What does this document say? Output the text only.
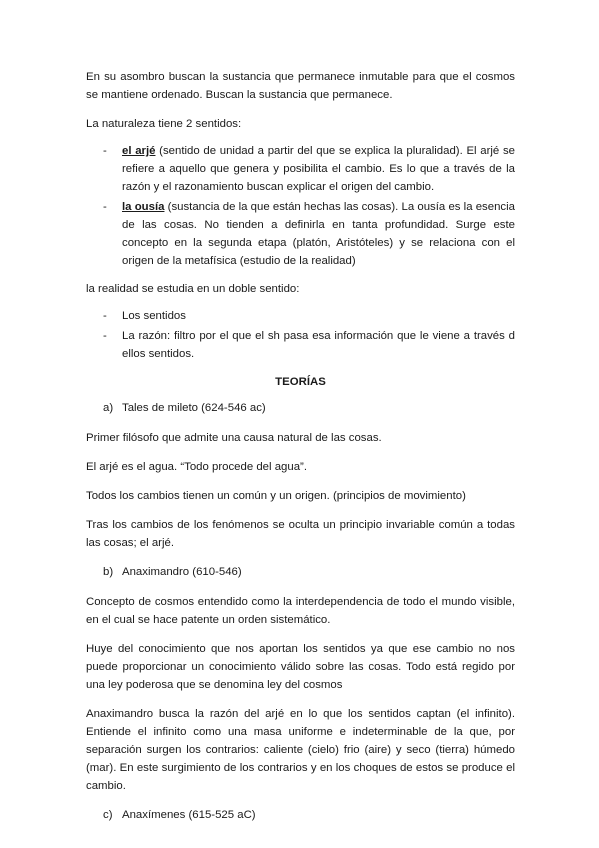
En su asombro buscan la sustancia que permanece inmutable para que el cosmos se mantiene ordenado. Buscan la sustancia que permanece.

La naturaleza tiene 2 sentidos:

- el arjé (sentido de unidad a partir del que se explica la pluralidad). El arjé se refiere a aquello que genera y posibilita el cambio. Es lo que a través de la razón y el razonamiento buscan explicar el origen del cambio.
- la ousía (sustancia de la que están hechas las cosas). La ousía es la esencia de las cosas. No tienden a definirla en tanta profundidad. Surge este concepto en la segunda etapa (platón, Aristóteles) y se relaciona con el origen de la metafísica (estudio de la realidad)

la realidad se estudia en un doble sentido:

- Los sentidos
- La razón: filtro por el que el sh pasa esa información que le viene a través d ellos sentidos.
TEORÍAS
a) Tales de mileto (624-546 ac)

Primer filósofo que admite una causa natural de las cosas.

El arjé es el agua. “Todo procede del agua”.

Todos los cambios tienen un común y un origen. (principios de movimiento)

Tras los cambios de los fenómenos se oculta un principio invariable común a todas las cosas; el arjé.

b) Anaximandro (610-546)

Concepto de cosmos entendido como la interdependencia de todo el mundo visible, en el cual se hace patente un orden sistemático.

Huye del conocimiento que nos aportan los sentidos ya que ese cambio no nos puede proporcionar un conocimiento válido sobre las cosas. Todo está regido por una ley poderosa que se denomina ley del cosmos

Anaximandro busca la razón del arjé en lo que los sentidos captan (el infinito). Entiende el infinito como una masa uniforme e indeterminable de la que, por separación surgen los contrarios: caliente (cielo) frio (aire) y seco (tierra) húmedo (mar). En este surgimiento de los contrarios y en los choques de estos se produce el cambio.

c) Anaxímenes (615-525 aC)
